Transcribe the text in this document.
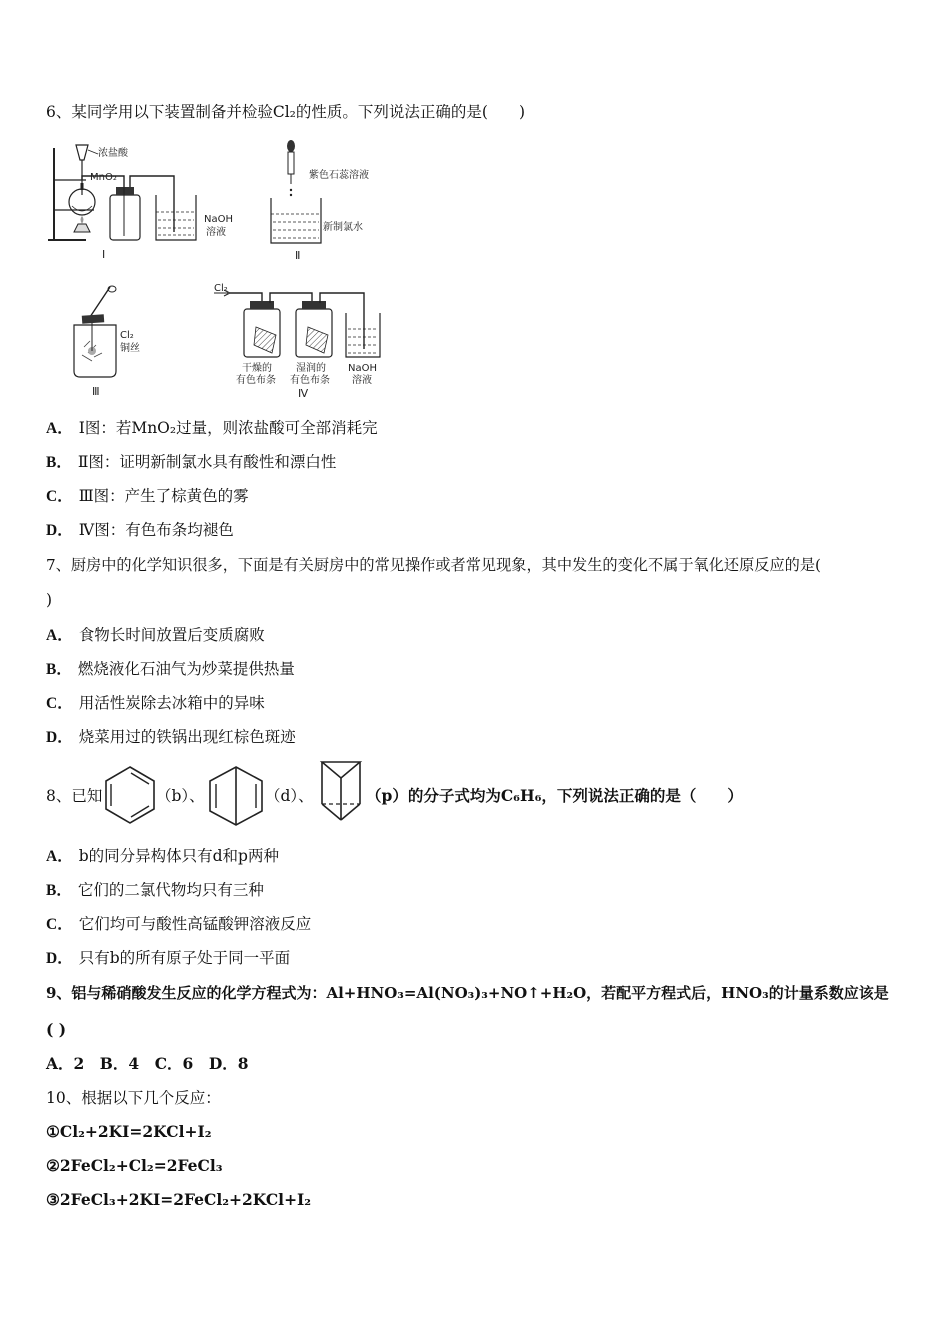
6、某同学用以下装置制备并检验Cl₂的性质。下列说法正确的是(　　)
浓盐酸
MnO₂
NaOH
溶液
Ⅰ
紫色石蕊溶液
新制氯水
Ⅱ
Cl₂
铜丝
Ⅲ
Cl₂
干燥的
有色布条
湿润的
有色布条
NaOH
溶液
Ⅳ
A． Ⅰ图：若MnO₂过量，则浓盐酸可全部消耗完
B． Ⅱ图：证明新制氯水具有酸性和漂白性
C． Ⅲ图：产生了棕黄色的雾
D． Ⅳ图：有色布条均褪色
7、厨房中的化学知识很多，下面是有关厨房中的常见操作或者常见现象，其中发生的变化不属于氧化还原反应的是(
)
A． 食物长时间放置后变质腐败
B． 燃烧液化石油气为炒菜提供热量
C． 用活性炭除去冰箱中的异味
D． 烧菜用过的铁锅出现红棕色斑迹
8、已知	（b）、	（d）、	（p）的分子式均为C₆H₆，下列说法正确的是（　　）
A． b的同分异构体只有d和p两种
B． 它们的二氯代物均只有三种
C． 它们均可与酸性高锰酸钾溶液反应
D． 只有b的所有原子处于同一平面
9、铝与稀硝酸发生反应的化学方程式为：Al+HNO₃=Al(NO₃)₃+NO↑+H₂O，若配平方程式后，HNO₃的计量系数应该是
( )
A．2　B．4　C．6　D．8
10、根据以下几个反应：
①Cl₂+2KI=2KCl+I₂
②2FeCl₂+Cl₂=2FeCl₃
③2FeCl₃+2KI=2FeCl₂+2KCl+I₂
